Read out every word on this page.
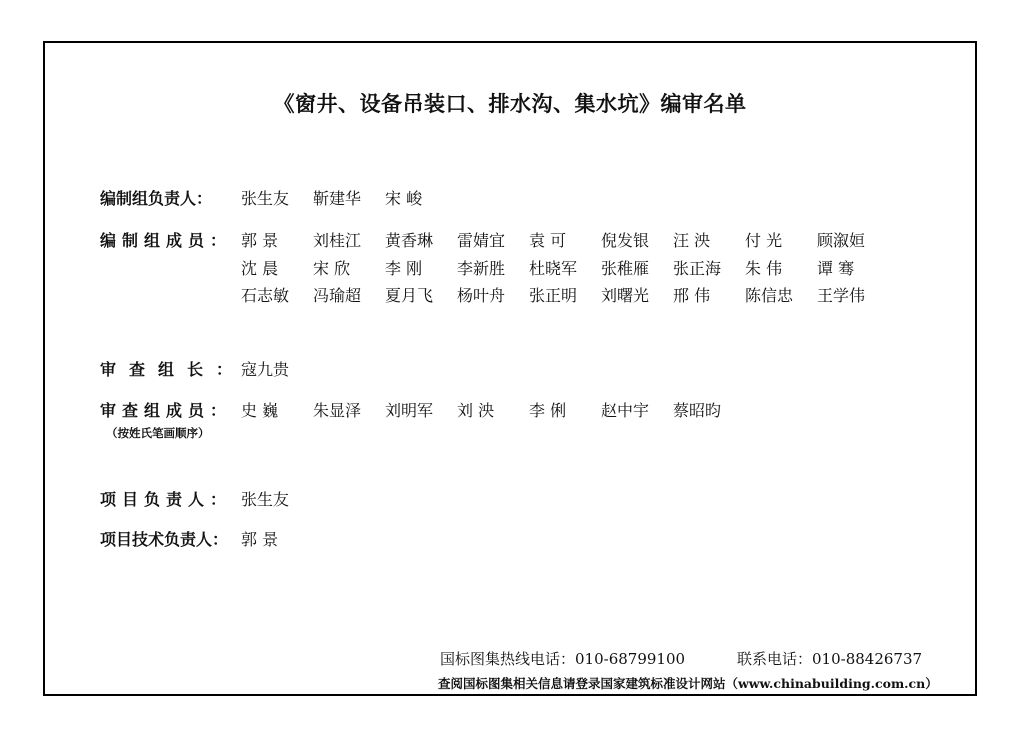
《窗井、设备吊装口、排水沟、集水坑》编审名单
编制组负责人： 张生友	靳建华	宋 峻
编制组成员： 郭 景	刘桂江	黄香琳	雷婧宜	袁 可	倪发银	汪 泱	付 光	顾溆姮
沈 晨	宋 欣	李 刚	李新胜	杜晓军	张稚雁	张正海	朱 伟	谭 骞
石志敏	冯瑜超	夏月飞	杨叶舟	张正明	刘曙光	邢 伟	陈信忠	王学伟
审查组长：
寇九贵
审查组成员：
（按姓氏笔画顺序）
史 巍	朱显泽	刘明军	刘 泱	李 俐	赵中宇	蔡昭昀
项目负责人： 张生友
项目技术负责人： 郭 景
国标图集热线电话：010-68799100	联系电话：010-88426737
查阅国标图集相关信息请登录国家建筑标准设计网站（www.chinabuilding.com.cn）
